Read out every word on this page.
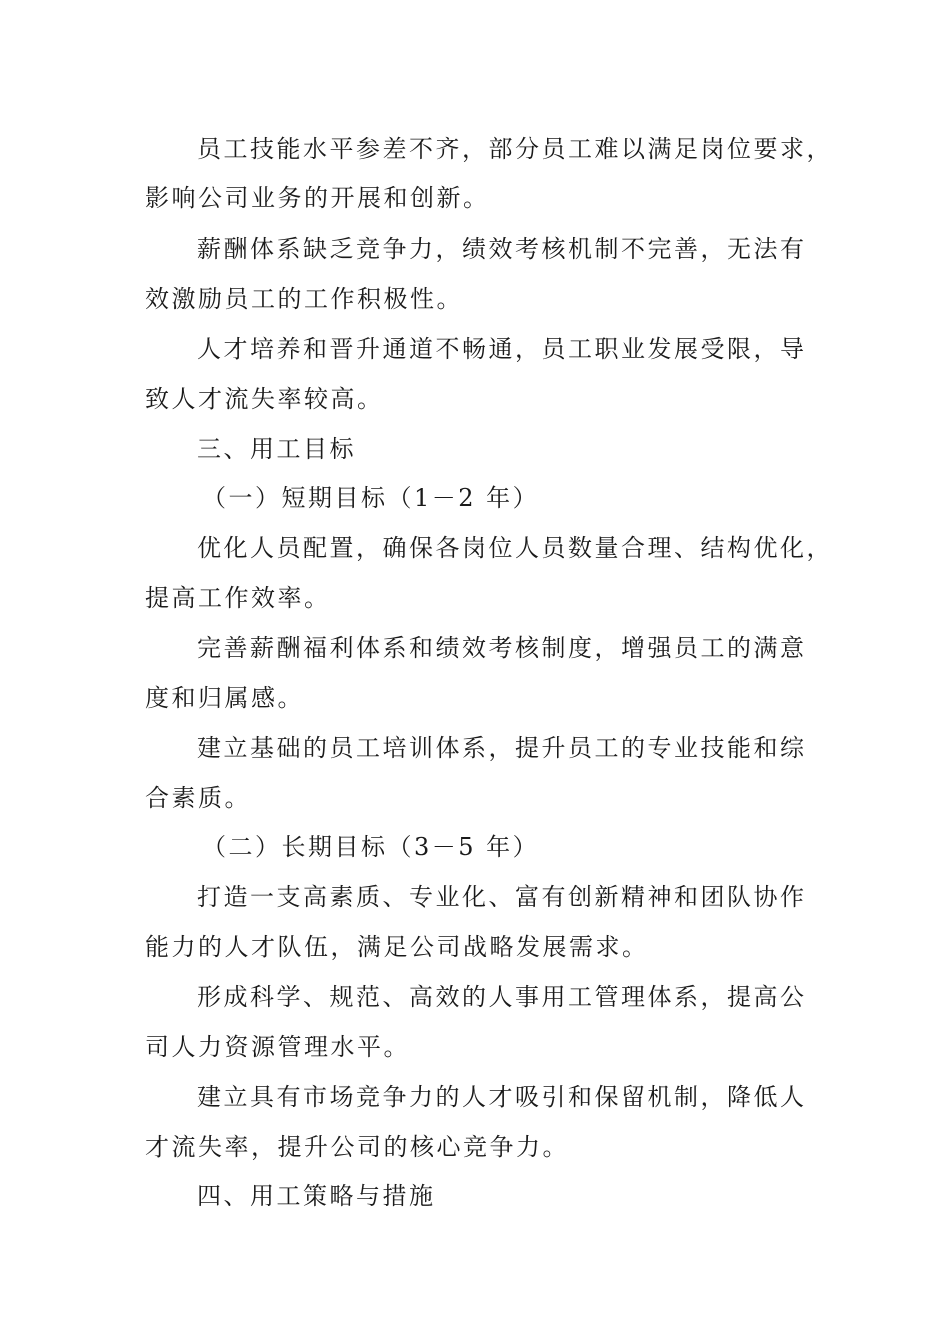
员工技能水平参差不齐，部分员工难以满足岗位要求，
影响公司业务的开展和创新。
薪酬体系缺乏竞争力，绩效考核机制不完善，无法有
效激励员工的工作积极性。
人才培养和晋升通道不畅通，员工职业发展受限，导
致人才流失率较高。
三、用工目标
（一）短期目标（1－2 年）
优化人员配置，确保各岗位人员数量合理、结构优化，
提高工作效率。
完善薪酬福利体系和绩效考核制度，增强员工的满意
度和归属感。
建立基础的员工培训体系，提升员工的专业技能和综
合素质。
（二）长期目标（3－5 年）
打造一支高素质、专业化、富有创新精神和团队协作
能力的人才队伍，满足公司战略发展需求。
形成科学、规范、高效的人事用工管理体系，提高公
司人力资源管理水平。
建立具有市场竞争力的人才吸引和保留机制，降低人
才流失率，提升公司的核心竞争力。
四、用工策略与措施
